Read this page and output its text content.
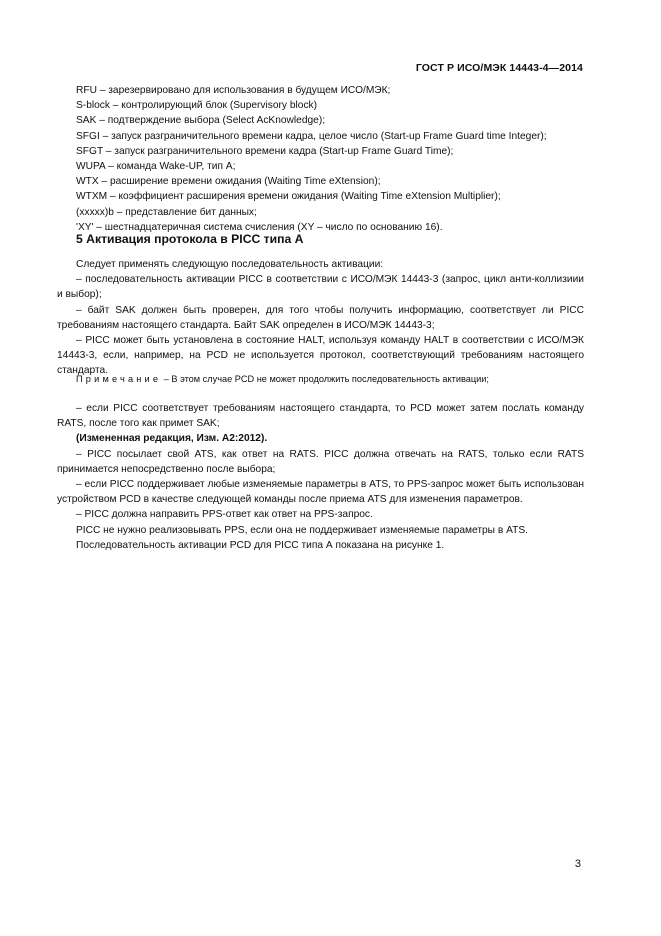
ГОСТ Р ИСО/МЭК 14443-4—2014
RFU – зарезервировано для использования в будущем ИСО/МЭК;
S-block – контролирующий блок (Supervisory block)
SAK – подтверждение выбора (Select AcKnowledge);
SFGI – запуск разграничительного времени кадра, целое число (Start-up Frame Guard time Integer);
SFGT – запуск разграничительного времени кадра (Start-up Frame Guard Time);
WUPA – команда Wake-UP, тип А;
WTX – расширение времени ожидания (Waiting Time eXtension);
WTXM – коэффициент расширения времени ожидания (Waiting Time eXtension Multiplier);
(xxxxx)b – представление бит данных;
'XY' – шестнадцатеричная система счисления (XY – число по основанию 16).
5 Активация протокола в PICC типа А

Следует применять следующую последовательность активации:

– последовательность активации PICC в соответствии с ИСО/МЭК 14443-3 (запрос, цикл анти-коллизиии и выбор);

– байт SAK должен быть проверен, для того чтобы получить информацию, соответствует ли PICC требованиям настоящего стандарта. Байт SAK определен в ИСО/МЭК 14443-3;

– PICC может быть установлена в состояние HALT, используя команду HALT в соответствии с ИСО/МЭК 14443-3, если, например, на PCD не используется протокол, соответствующий требованиям настоящего стандарта.

Примечание – В этом случае PCD не может продолжить последовательность активации;

– если PICC соответствует требованиям настоящего стандарта, то PCD может затем послать команду RATS, после того как примет SAK;

(Измененная редакция, Изм. А2:2012).

– PICC посылает свой ATS, как ответ на RATS. PICC должна отвечать на RATS, только если RATS принимается непосредственно после выбора;

– если PICC поддерживает любые изменяемые параметры в ATS, то PPS-запрос может быть использован устройством PCD в качестве следующей команды после приема ATS для изменения параметров.

– PICC должна направить PPS-ответ как ответ на PPS-запрос.

PICC не нужно реализовывать PPS, если она не поддерживает изменяемые параметры в ATS.

Последовательность активации PCD для PICC типа А показана на рисунке 1.

3
